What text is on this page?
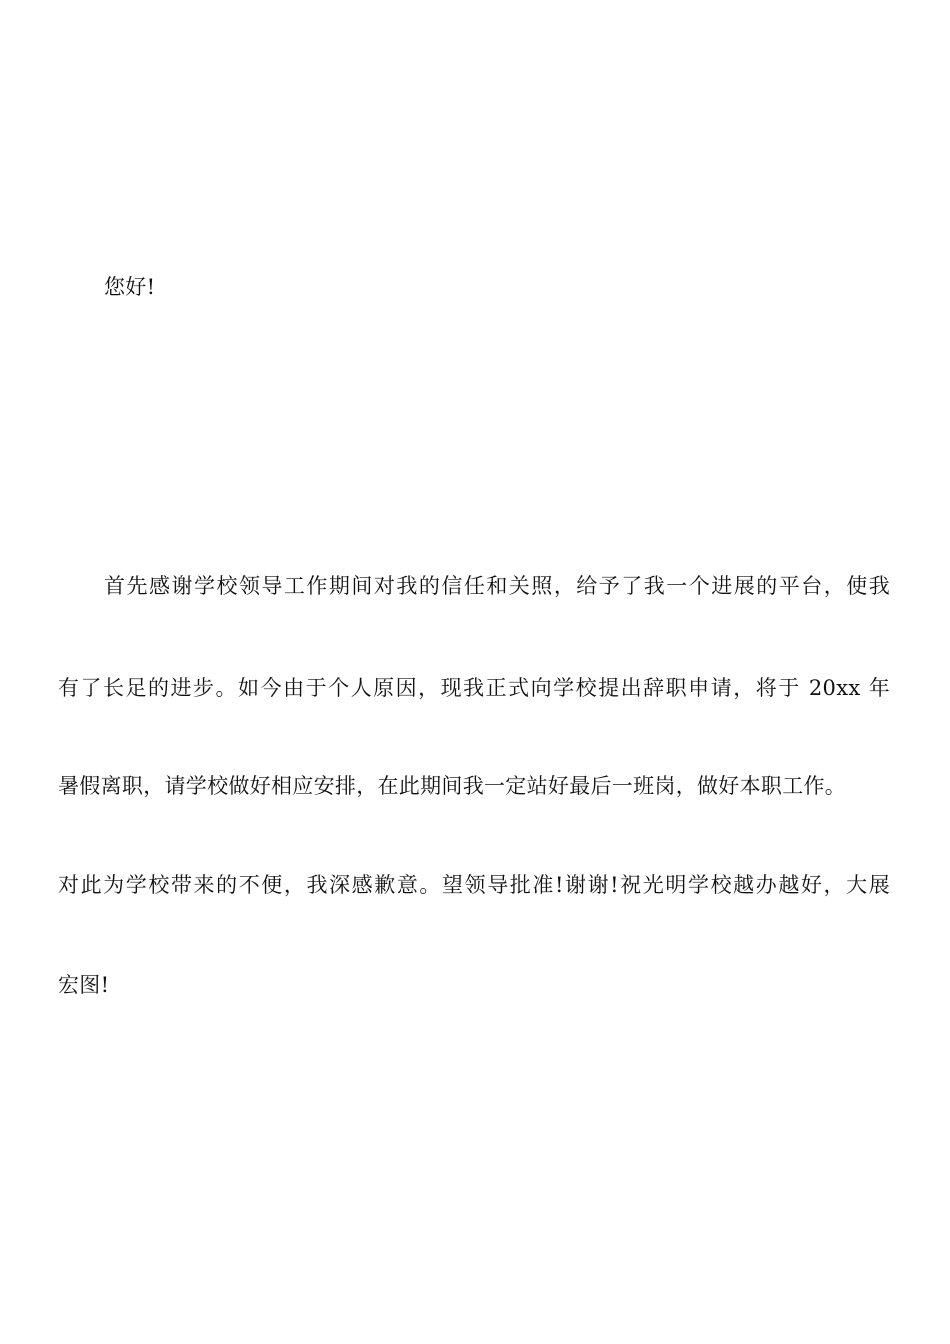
您好!
首先感谢学校领导工作期间对我的信任和关照，给予了我一个进展的平台，使我
有了长足的进步。如今由于个人原因，现我正式向学校提出辞职申请，将于 20xx 年
暑假离职，请学校做好相应安排，在此期间我一定站好最后一班岗，做好本职工作。
对此为学校带来的不便，我深感歉意。望领导批准!谢谢!祝光明学校越办越好，大展
宏图!
